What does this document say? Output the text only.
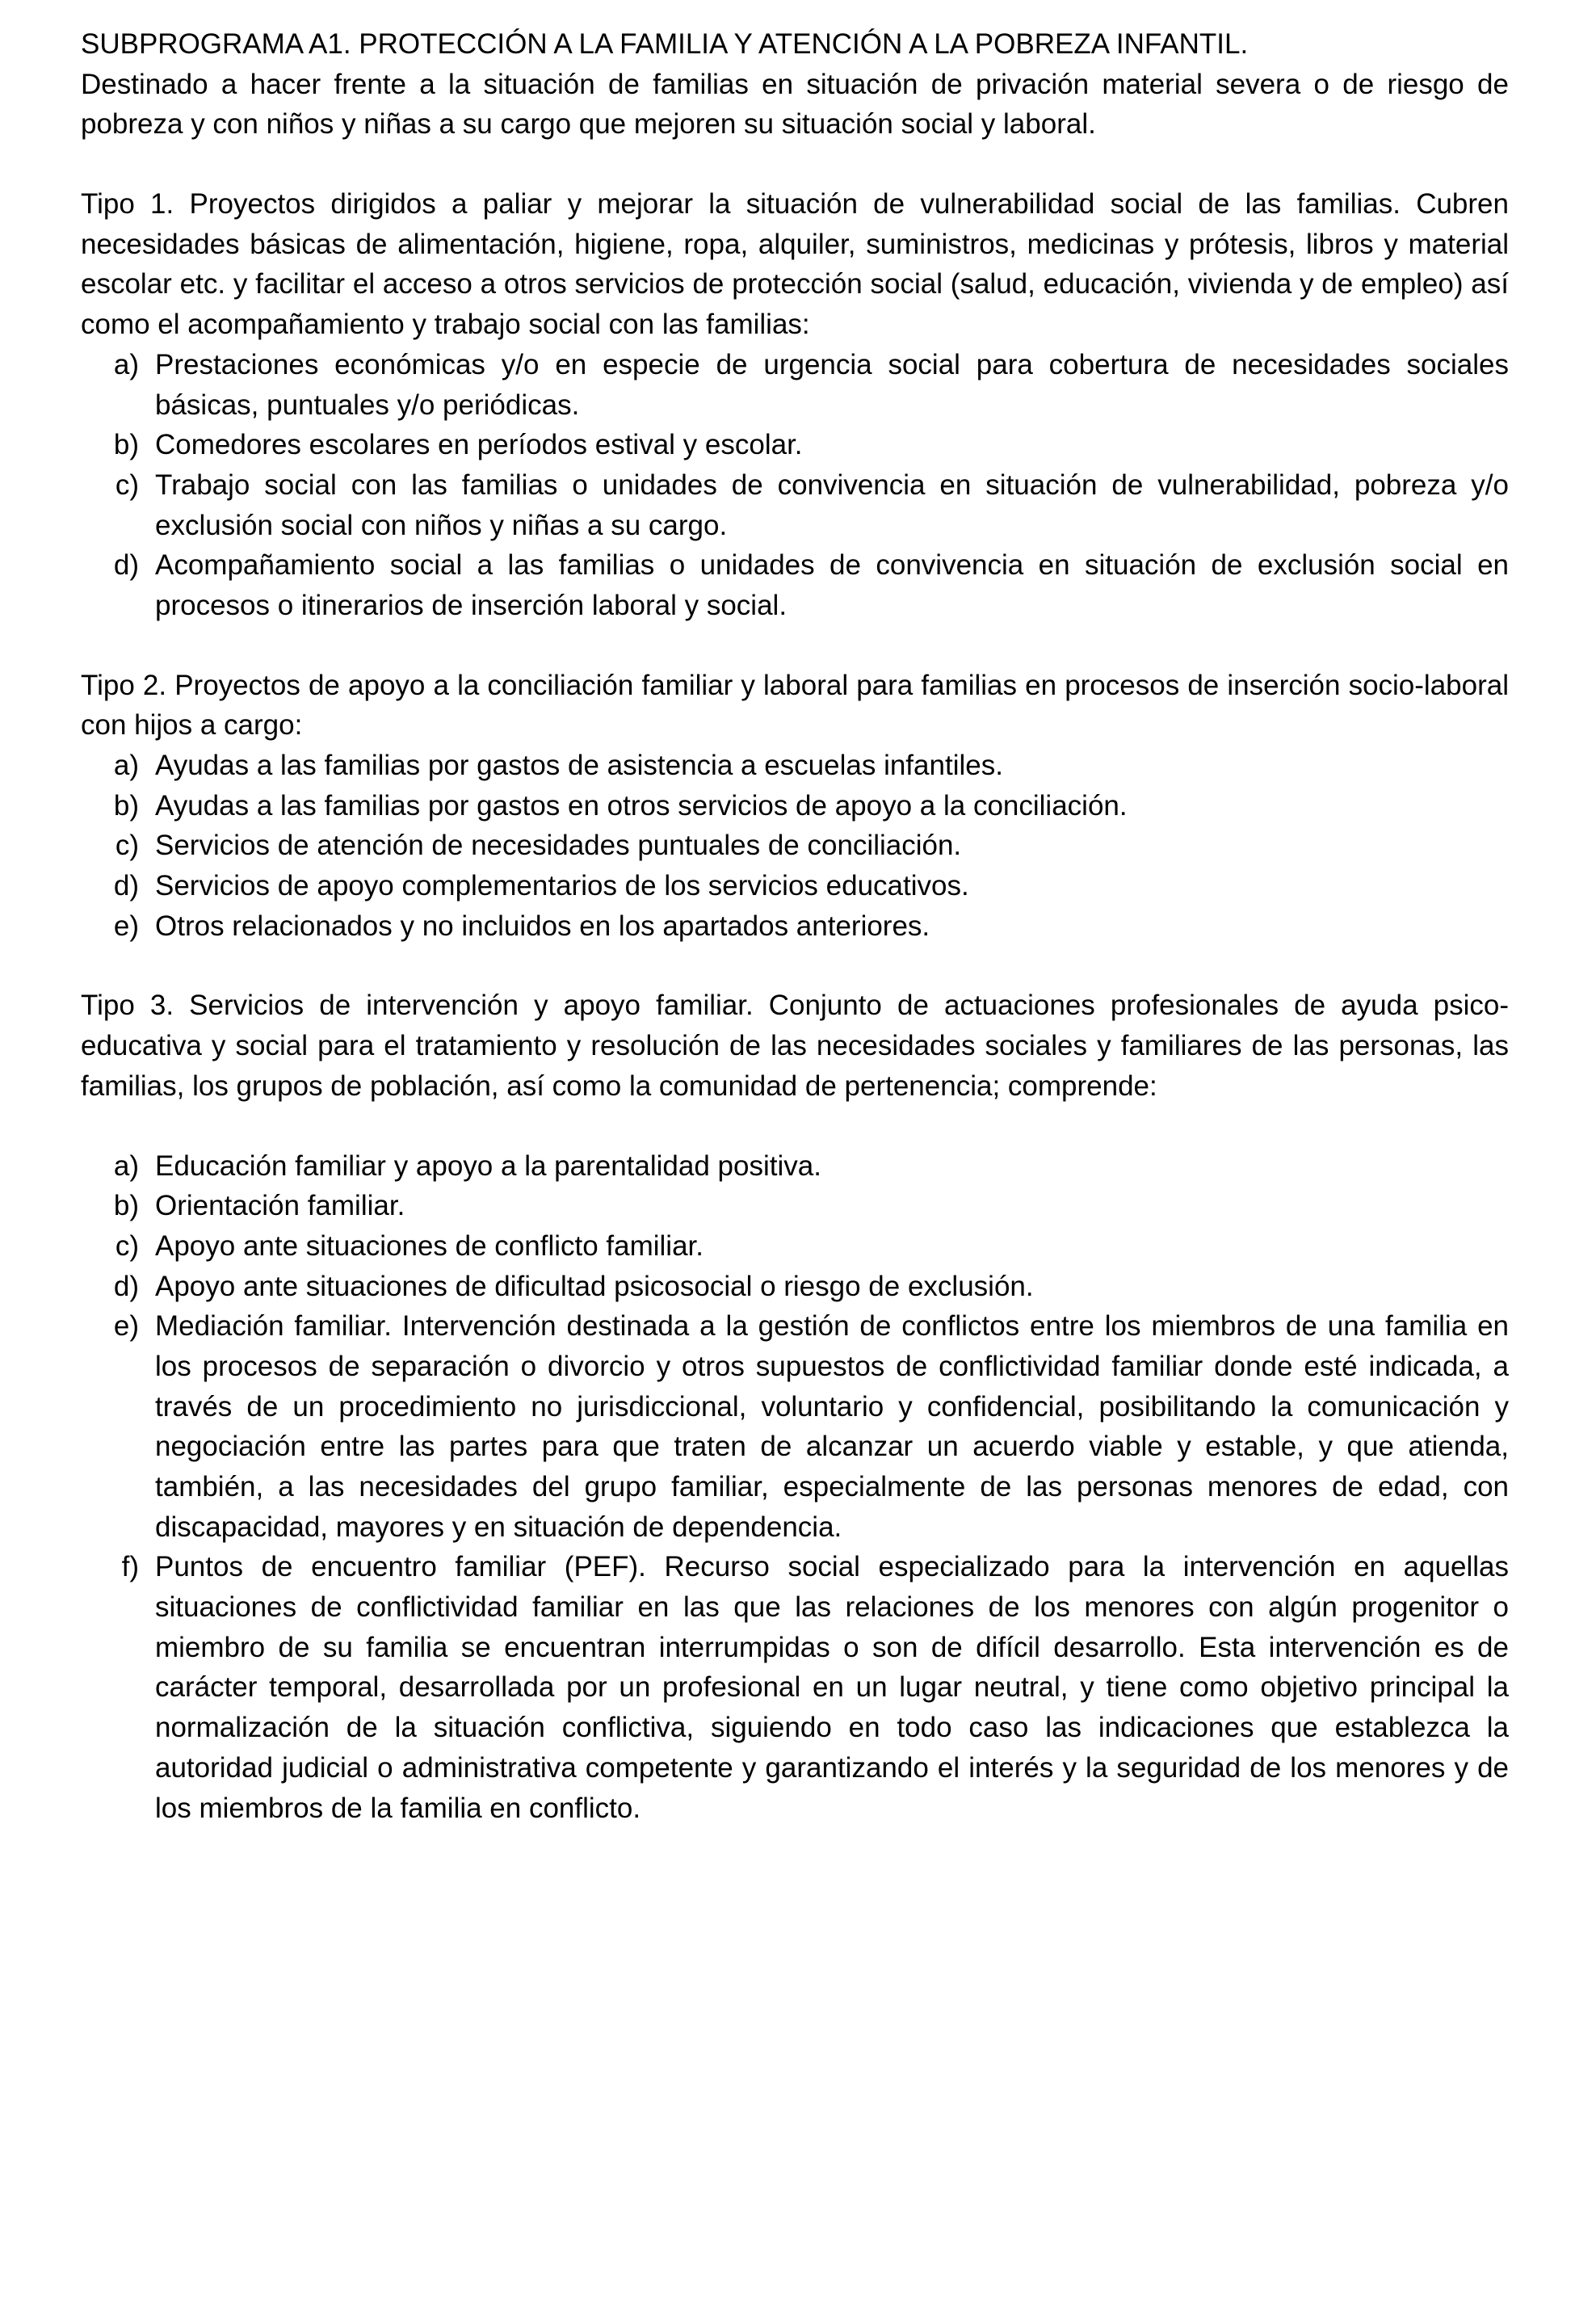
SUBPROGRAMA A1. PROTECCIÓN A LA FAMILIA Y ATENCIÓN A LA POBREZA INFANTIL.

Destinado a hacer frente a la situación de familias en situación de privación material severa o de riesgo de pobreza y con niños y niñas a su cargo que mejoren su situación social y laboral.

Tipo 1. Proyectos dirigidos a paliar y mejorar la situación de vulnerabilidad social de las familias. Cubren necesidades básicas de alimentación, higiene, ropa, alquiler, suministros, medicinas y prótesis, libros y material escolar etc. y facilitar el acceso a otros servicios de protección social (salud, educación, vivienda y de empleo) así como el acompañamiento y trabajo social con las familias:

a) Prestaciones económicas y/o en especie de urgencia social para cobertura de necesidades sociales básicas, puntuales y/o periódicas.
b) Comedores escolares en períodos estival y escolar.
c) Trabajo social con las familias o unidades de convivencia en situación de vulnerabilidad, pobreza y/o exclusión social con niños y niñas a su cargo.
d) Acompañamiento social a las familias o unidades de convivencia en situación de exclusión social en procesos o itinerarios de inserción laboral y social.

Tipo 2. Proyectos de apoyo a la conciliación familiar y laboral para familias en procesos de inserción socio-laboral con hijos a cargo:

a) Ayudas a las familias por gastos de asistencia a escuelas infantiles.
b) Ayudas a las familias por gastos en otros servicios de apoyo a la conciliación.
c) Servicios de atención de necesidades puntuales de conciliación.
d) Servicios de apoyo complementarios de los servicios educativos.
e) Otros relacionados y no incluidos en los apartados anteriores.

Tipo 3. Servicios de intervención y apoyo familiar. Conjunto de actuaciones profesionales de ayuda psico-educativa y social para el tratamiento y resolución de las necesidades sociales y familiares de las personas, las familias, los grupos de población, así como la comunidad de pertenencia; comprende:

a) Educación familiar y apoyo a la parentalidad positiva.
b) Orientación familiar.
c) Apoyo ante situaciones de conflicto familiar.
d) Apoyo ante situaciones de dificultad psicosocial o riesgo de exclusión.
e) Mediación familiar. Intervención destinada a la gestión de conflictos entre los miembros de una familia en los procesos de separación o divorcio y otros supuestos de conflictividad familiar donde esté indicada, a través de un procedimiento no jurisdiccional, voluntario y confidencial, posibilitando la comunicación y negociación entre las partes para que traten de alcanzar un acuerdo viable y estable, y que atienda, también, a las necesidades del grupo familiar, especialmente de las personas menores de edad, con discapacidad, mayores y en situación de dependencia.
f) Puntos de encuentro familiar (PEF). Recurso social especializado para la intervención en aquellas situaciones de conflictividad familiar en las que las relaciones de los menores con algún progenitor o miembro de su familia se encuentran interrumpidas o son de difícil desarrollo. Esta intervención es de carácter temporal, desarrollada por un profesional en un lugar neutral, y tiene como objetivo principal la normalización de la situación conflictiva, siguiendo en todo caso las indicaciones que establezca la autoridad judicial o administrativa competente y garantizando el interés y la seguridad de los menores y de los miembros de la familia en conflicto.
